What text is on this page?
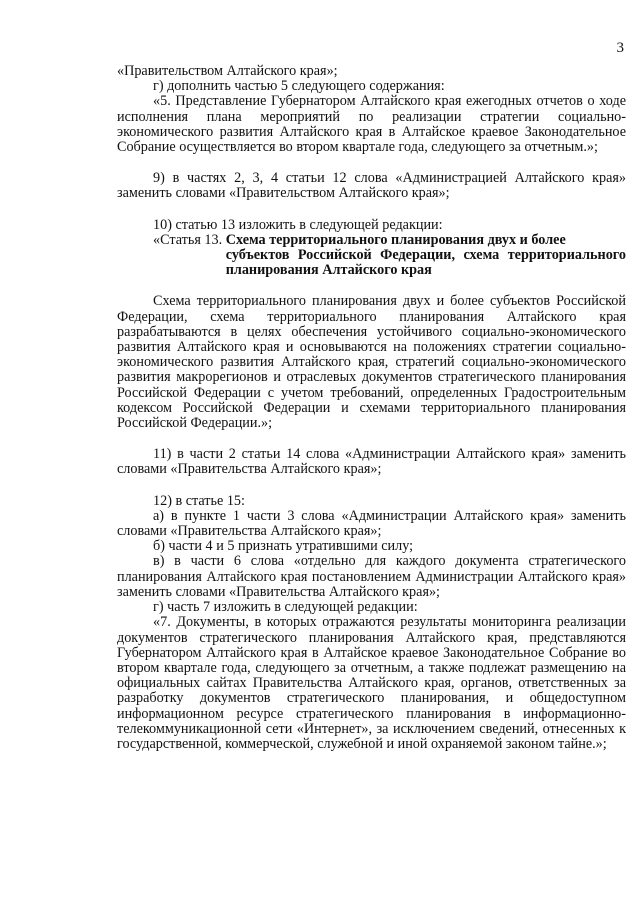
3

«Правительством Алтайского края»;

г) дополнить частью 5 следующего содержания:

«5. Представление Губернатором Алтайского края ежегодных отчетов о ходе исполнения плана мероприятий по реализации стратегии социально-экономического развития Алтайского края в Алтайское краевое Законодательное Собрание осуществляется во втором квартале года, следующего за отчетным.»;

9) в частях 2, 3, 4 статьи 12 слова «Администрацией Алтайского края» заменить словами «Правительством Алтайского края»;

10) статью 13 изложить в следующей редакции:

«Статья 13. Схема территориального планирования двух и более
субъектов Российской Федерации, схема территориального планирования Алтайского края

Схема территориального планирования двух и более субъектов Российской Федерации, схема территориального планирования Алтайского края разрабатываются в целях обеспечения устойчивого социально-экономического развития Алтайского края и основываются на положениях стратегии социально-экономического развития Алтайского края, стратегий социально-экономического развития макрорегионов и отраслевых документов стратегического планирования Российской Федерации с учетом требований, определенных Градостроительным кодексом Российской Федерации и схемами территориального планирования Российской Федерации.»;

11) в части 2 статьи 14 слова «Администрации Алтайского края» заменить словами «Правительства Алтайского края»;

12) в статье 15:

а) в пункте 1 части 3 слова «Администрации Алтайского края» заменить словами «Правительства Алтайского края»;

б) части 4 и 5 признать утратившими силу;

в) в части 6 слова «отдельно для каждого документа стратегического планирования Алтайского края постановлением Администрации Алтайского края» заменить словами «Правительства Алтайского края»;

г) часть 7 изложить в следующей редакции:

«7. Документы, в которых отражаются результаты мониторинга реализации документов стратегического планирования Алтайского края, представляются Губернатором Алтайского края в Алтайское краевое Законодательное Собрание во втором квартале года, следующего за отчетным, а также подлежат размещению на официальных сайтах Правительства Алтайского края, органов, ответственных за разработку документов стратегического планирования, и общедоступном информационном ресурсе стратегического планирования в информационно-телекоммуникационной сети «Интернет», за исключением сведений, отнесенных к государственной, коммерческой, служебной и иной охраняемой законом тайне.»;
